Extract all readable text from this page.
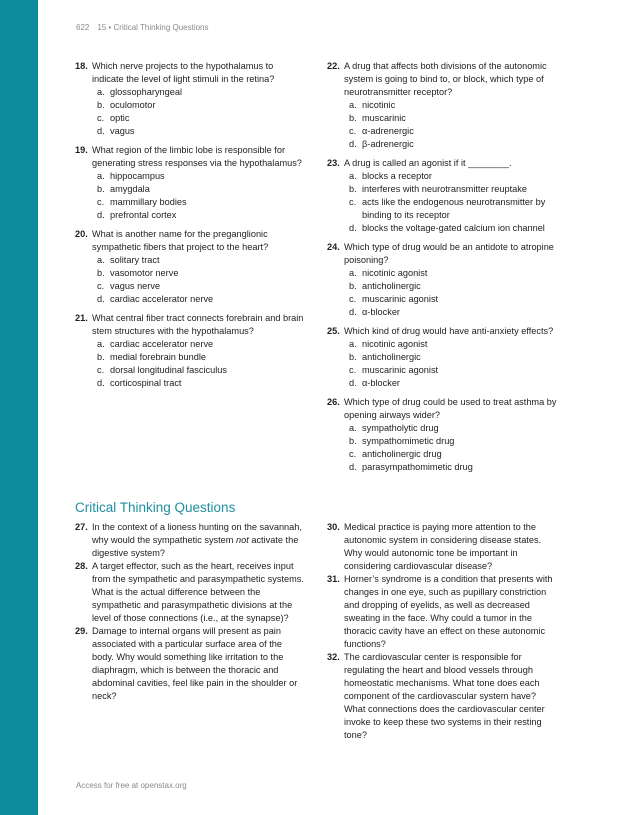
622 15 • Critical Thinking Questions
18. Which nerve projects to the hypothalamus to indicate the level of light stimuli in the retina?
a. glossopharyngeal
b. oculomotor
c. optic
d. vagus
19. What region of the limbic lobe is responsible for generating stress responses via the hypothalamus?
a. hippocampus
b. amygdala
c. mammillary bodies
d. prefrontal cortex
20. What is another name for the preganglionic sympathetic fibers that project to the heart?
a. solitary tract
b. vasomotor nerve
c. vagus nerve
d. cardiac accelerator nerve
21. What central fiber tract connects forebrain and brain stem structures with the hypothalamus?
a. cardiac accelerator nerve
b. medial forebrain bundle
c. dorsal longitudinal fasciculus
d. corticospinal tract
22. A drug that affects both divisions of the autonomic system is going to bind to, or block, which type of neurotransmitter receptor?
a. nicotinic
b. muscarinic
c. α-adrenergic
d. β-adrenergic
23. A drug is called an agonist if it ________.
a. blocks a receptor
b. interferes with neurotransmitter reuptake
c. acts like the endogenous neurotransmitter by binding to its receptor
d. blocks the voltage-gated calcium ion channel
24. Which type of drug would be an antidote to atropine poisoning?
a. nicotinic agonist
b. anticholinergic
c. muscarinic agonist
d. α-blocker
25. Which kind of drug would have anti-anxiety effects?
a. nicotinic agonist
b. anticholinergic
c. muscarinic agonist
d. α-blocker
26. Which type of drug could be used to treat asthma by opening airways wider?
a. sympatholytic drug
b. sympathomimetic drug
c. anticholinergic drug
d. parasympathomimetic drug
Critical Thinking Questions
27. In the context of a lioness hunting on the savannah, why would the sympathetic system not activate the digestive system?
28. A target effector, such as the heart, receives input from the sympathetic and parasympathetic systems. What is the actual difference between the sympathetic and parasympathetic divisions at the level of those connections (i.e., at the synapse)?
29. Damage to internal organs will present as pain associated with a particular surface area of the body. Why would something like irritation to the diaphragm, which is between the thoracic and abdominal cavities, feel like pain in the shoulder or neck?
30. Medical practice is paying more attention to the autonomic system in considering disease states. Why would autonomic tone be important in considering cardiovascular disease?
31. Horner’s syndrome is a condition that presents with changes in one eye, such as pupillary constriction and dropping of eyelids, as well as decreased sweating in the face. Why could a tumor in the thoracic cavity have an effect on these autonomic functions?
32. The cardiovascular center is responsible for regulating the heart and blood vessels through homeostatic mechanisms. What tone does each component of the cardiovascular system have? What connections does the cardiovascular center invoke to keep these two systems in their resting tone?
Access for free at openstax.org
